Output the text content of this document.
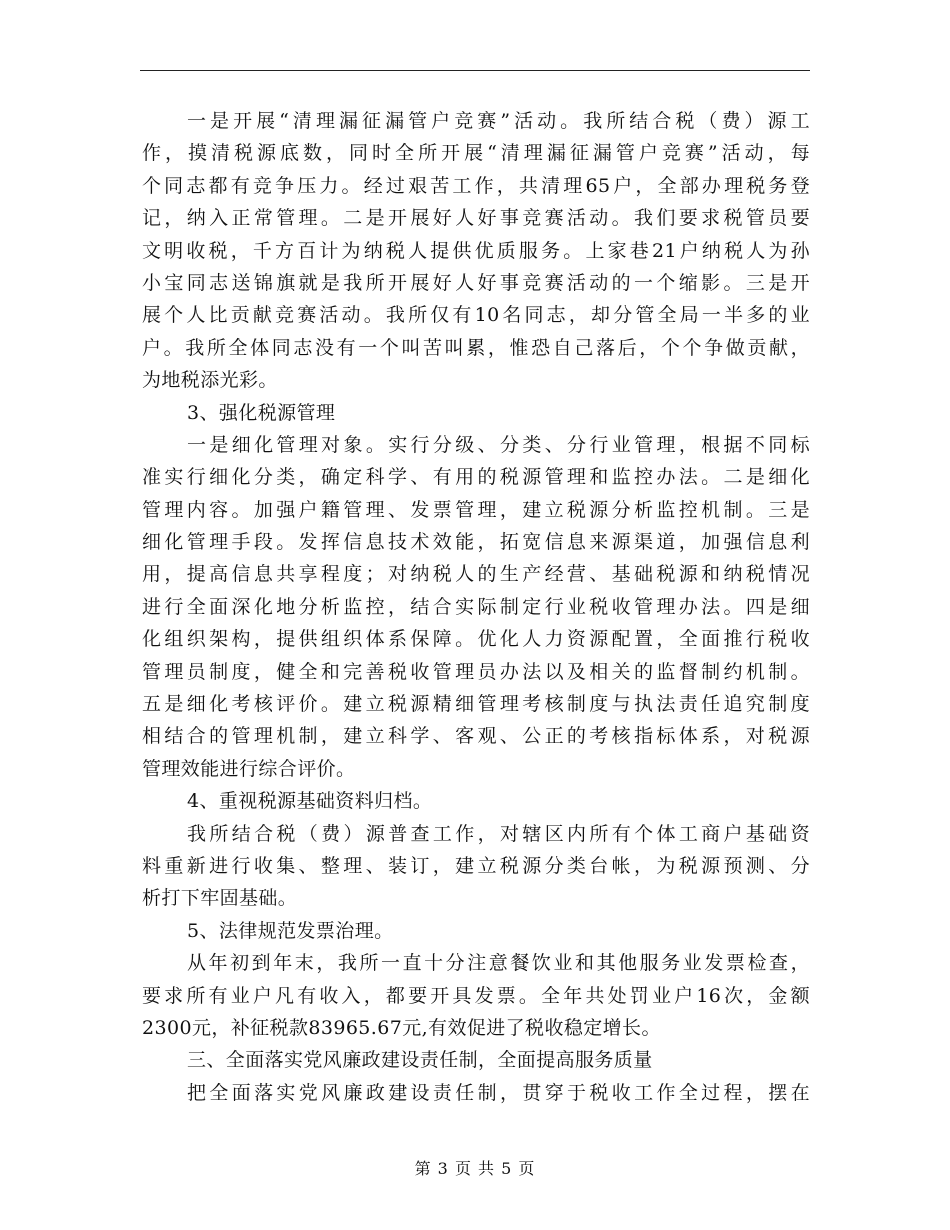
一是开展“清理漏征漏管户竞赛”活动。我所结合税（费）源工
作，摸清税源底数，同时全所开展“清理漏征漏管户竞赛”活动，每
个同志都有竞争压力。经过艰苦工作，共清理65户，全部办理税务登
记，纳入正常管理。二是开展好人好事竞赛活动。我们要求税管员要
文明收税，千方百计为纳税人提供优质服务。上家巷21户纳税人为孙
小宝同志送锦旗就是我所开展好人好事竞赛活动的一个缩影。三是开
展个人比贡献竞赛活动。我所仅有10名同志，却分管全局一半多的业
户。我所全体同志没有一个叫苦叫累，惟恐自己落后，个个争做贡献，
为地税添光彩。
3、强化税源管理
一是细化管理对象。实行分级、分类、分行业管理，根据不同标
准实行细化分类，确定科学、有用的税源管理和监控办法。二是细化
管理内容。加强户籍管理、发票管理，建立税源分析监控机制。三是
细化管理手段。发挥信息技术效能，拓宽信息来源渠道，加强信息利
用，提高信息共享程度；对纳税人的生产经营、基础税源和纳税情况
进行全面深化地分析监控，结合实际制定行业税收管理办法。四是细
化组织架构，提供组织体系保障。优化人力资源配置，全面推行税收
管理员制度，健全和完善税收管理员办法以及相关的监督制约机制。
五是细化考核评价。建立税源精细管理考核制度与执法责任追究制度
相结合的管理机制，建立科学、客观、公正的考核指标体系，对税源
管理效能进行综合评价。
4、重视税源基础资料归档。
我所结合税（费）源普查工作，对辖区内所有个体工商户基础资
料重新进行收集、整理、装订，建立税源分类台帐，为税源预测、分
析打下牢固基础。
5、法律规范发票治理。
从年初到年末，我所一直十分注意餐饮业和其他服务业发票检查，
要求所有业户凡有收入，都要开具发票。全年共处罚业户16次，金额
2300元，补征税款83965.67元,有效促进了税收稳定增长。
三、全面落实党风廉政建设责任制，全面提高服务质量
把全面落实党风廉政建设责任制，贯穿于税收工作全过程，摆在
第 3 页 共 5 页
